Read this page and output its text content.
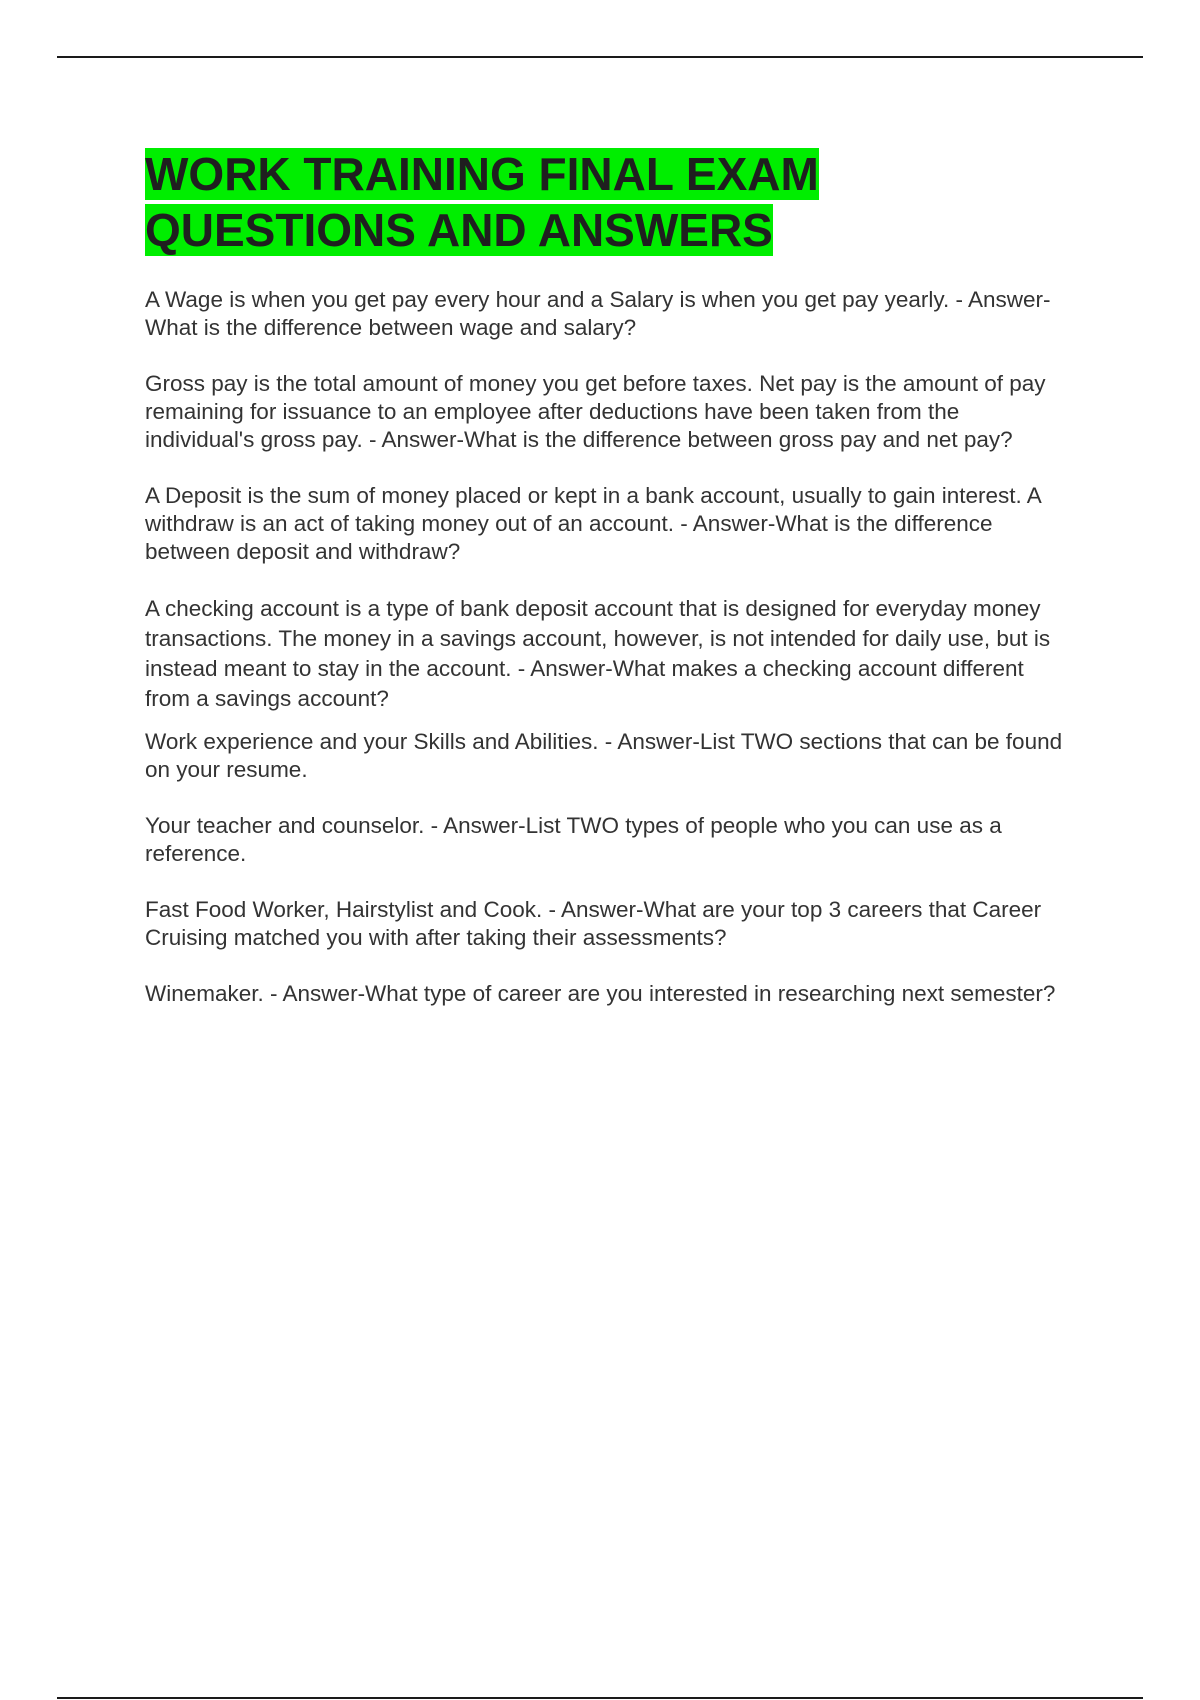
WORK TRAINING FINAL EXAM
QUESTIONS AND ANSWERS

A Wage is when you get pay every hour and a Salary is when you get pay yearly. - Answer-What is the difference between wage and salary?

Gross pay is the total amount of money you get before taxes. Net pay is the amount of pay remaining for issuance to an employee after deductions have been taken from the individual's gross pay. - Answer-What is the difference between gross pay and net pay?

A Deposit is the sum of money placed or kept in a bank account, usually to gain interest. A withdraw is an act of taking money out of an account. - Answer-What is the difference between deposit and withdraw?

A checking account is a type of bank deposit account that is designed for everyday money transactions. The money in a savings account, however, is not intended for daily use, but is instead meant to stay in the account. - Answer-What makes a checking account different from a savings account?

Work experience and your Skills and Abilities. - Answer-List TWO sections that can be found on your resume.

Your teacher and counselor. - Answer-List TWO types of people who you can use as a reference.

Fast Food Worker, Hairstylist and Cook. - Answer-What are your top 3 careers that Career Cruising matched you with after taking their assessments?

Winemaker. - Answer-What type of career are you interested in researching next semester?
